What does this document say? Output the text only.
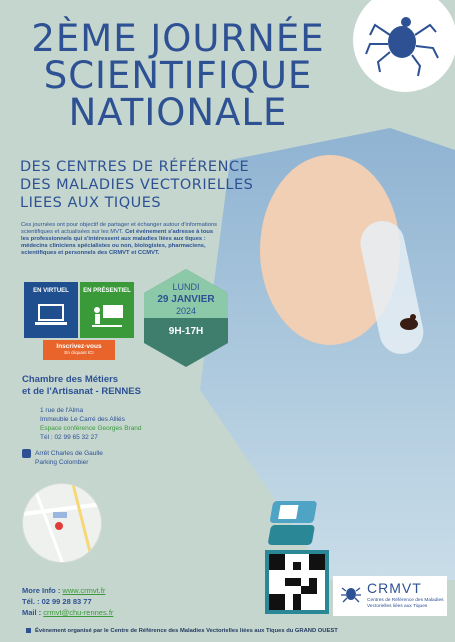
2ÈME JOURNÉE
SCIENTIFIQUE
NATIONALE
DES CENTRES DE RÉFÉRENCE
DES MALADIES VECTORIELLES
LIEES AUX TIQUES
Ces journées ont pour objectif de partager et échanger autour d'informations scientifiques et actualisées sur les MVT. Cet événement s'adresse à tous les professionnels qui s'intéressent aux maladies liées aux tiques : médecins cliniciens spécialistes ou non, biologistes, pharmaciens, scientifiques et personnels des CRMVT et CCMVT.
EN VIRTUEL	EN PRÉSENTIEL
Inscrivez-vous
En cliquant ICI
LUNDI
29 JANVIER
2024
9H-17H
Chambre des Métiers
et de l'Artisanat - RENNES
1 rue de l'Alma
Immeuble Le Carré des Alliés
Espace conférence Georges Brand
Tél : 02 99 65 32 27
Arrêt Charles de Gaulle
Parking Colombier
More Info : www.crmvt.fr
Tél. : 02 99 28 83 77
Mail : crmvt@chu-rennes.fr
CRMVT
Centres de Référence des Maladies Vectorielles liées aux Tiques
Évènement organisé par le Centre de Référence des Maladies Vectorielles liées aux Tiques du GRAND OUEST
